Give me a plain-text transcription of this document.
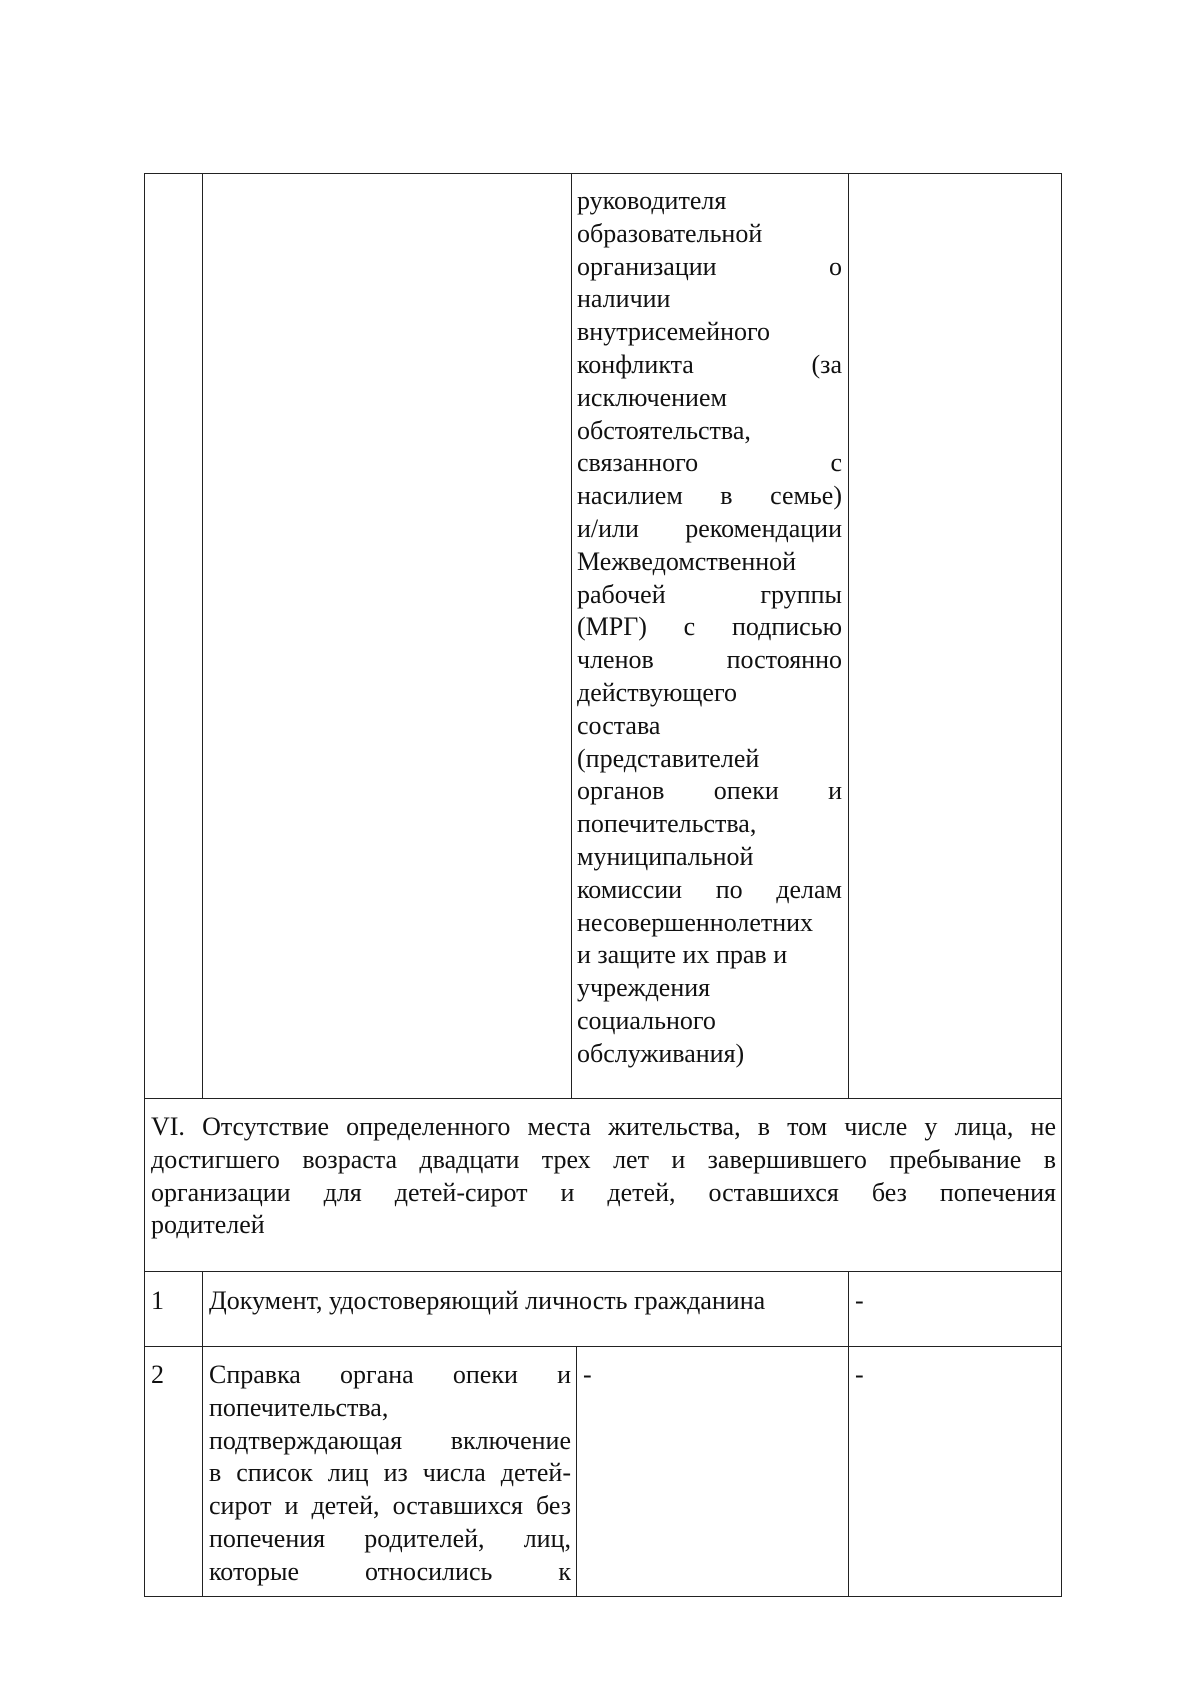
руководителя
образовательной
организации о
наличии
внутрисемейного
конфликта (за
исключением
обстоятельства,
связанного с
насилием в семье)
и/или рекомендации
Межведомственной
рабочей группы
(МРГ) с подписью
членов постоянно
действующего
состава
(представителей
органов опеки и
попечительства,
муниципальной
комиссии по делам
несовершеннолетних
и защите их прав и
учреждения
социального
обслуживания)
VI. Отсутствие определенного места жительства, в том числе у лица, не
достигшего возраста двадцати трех лет и завершившего пребывание в
организации для детей-сирот и детей, оставшихся без попечения
родителей
1	Документ, удостоверяющий личность гражданина	-
2	Справка органа опеки и
попечительства,
подтверждающая включение
в список лиц из числа детей-
сирот и детей, оставшихся без
попечения родителей, лиц,
которые относились к
-	-
